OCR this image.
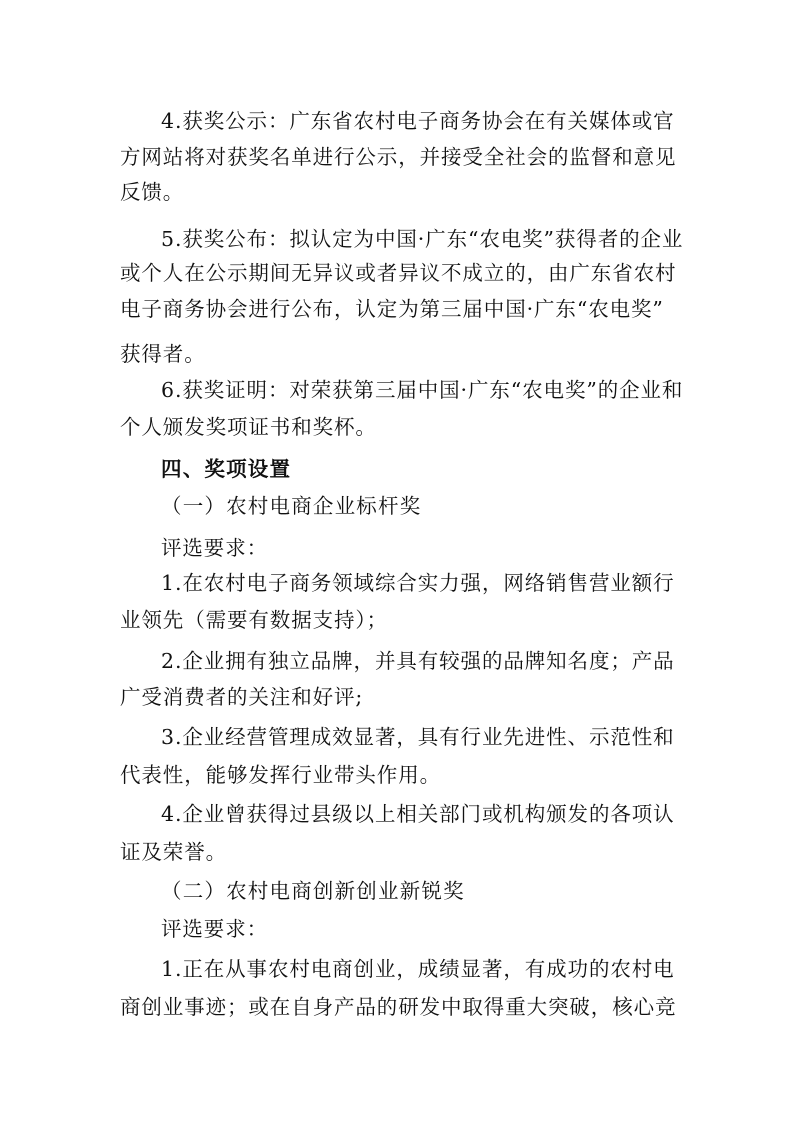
4.获奖公示：广东省农村电子商务协会在有关媒体或官
方网站将对获奖名单进行公示，并接受全社会的监督和意见
反馈。
5.获奖公布：拟认定为中国·广东“农电奖”获得者的企业
或个人在公示期间无异议或者异议不成立的，由广东省农村
电子商务协会进行公布，认定为第三届中国·广东“农电奖”
获得者。
6.获奖证明：对荣获第三届中国·广东“农电奖”的企业和
个人颁发奖项证书和奖杯。
四、奖项设置
（一）农村电商企业标杆奖
评选要求：
1.在农村电子商务领域综合实力强，网络销售营业额行
业领先（需要有数据支持）；
2.企业拥有独立品牌，并具有较强的品牌知名度；产品
广受消费者的关注和好评;
3.企业经营管理成效显著，具有行业先进性、示范性和
代表性，能够发挥行业带头作用。
4.企业曾获得过县级以上相关部门或机构颁发的各项认
证及荣誉。
（二）农村电商创新创业新锐奖
评选要求：
1.正在从事农村电商创业，成绩显著，有成功的农村电
商创业事迹；或在自身产品的研发中取得重大突破，核心竞
